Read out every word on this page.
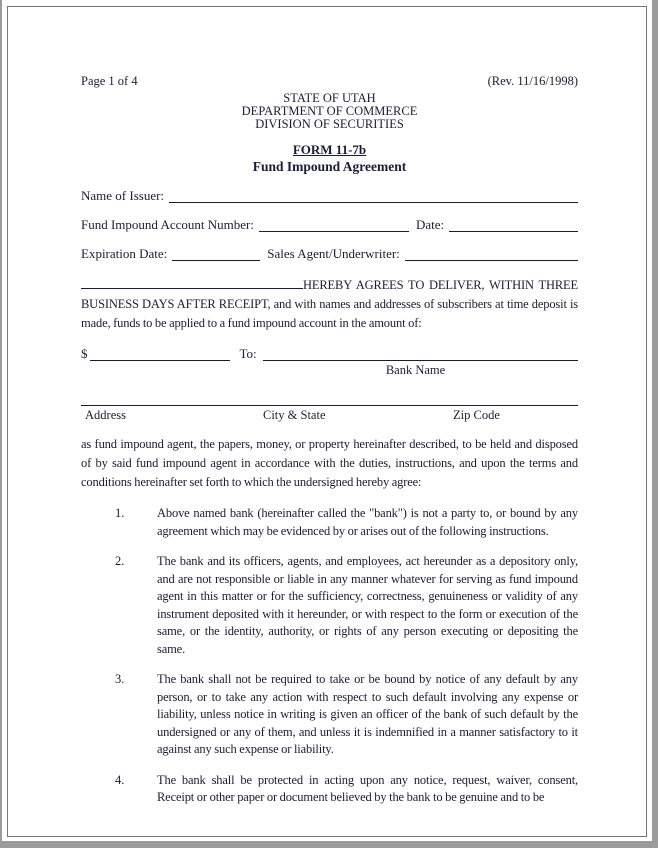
Page 1 of 4	(Rev. 11/16/1998)
STATE OF UTAH
DEPARTMENT OF COMMERCE
DIVISION OF SECURITIES
FORM 11-7b
Fund Impound Agreement
Name of Issuer:
Fund Impound Account Number:	Date:
Expiration Date:	Sales Agent/Underwriter:
HEREBY AGREES TO DELIVER, WITHIN THREE BUSINESS DAYS AFTER RECEIPT, and with names and addresses of subscribers at time deposit is made, funds to be applied to a fund impound account in the amount of:
$	To:
Bank Name
Address	City & State	Zip Code
as fund impound agent, the papers, money, or property hereinafter described, to be held and disposed of by said fund impound agent in accordance with the duties, instructions, and upon the terms and conditions hereinafter set forth to which the undersigned hereby agree:
1.	Above named bank (hereinafter called the "bank") is not a party to, or bound by any agreement which may be evidenced by or arises out of the following instructions.
2.	The bank and its officers, agents, and employees, act hereunder as a depository only, and are not responsible or liable in any manner whatever for serving as fund impound agent in this matter or for the sufficiency, correctness, genuineness or validity of any instrument deposited with it hereunder, or with respect to the form or execution of the same, or the identity, authority, or rights of any person executing or depositing the same.
3.	The bank shall not be required to take or be bound by notice of any default by any person, or to take any action with respect to such default involving any expense or liability, unless notice in writing is given an officer of the bank of such default by the undersigned or any of them, and unless it is indemnified in a manner satisfactory to it against any such expense or liability.
4.	The bank shall be protected in acting upon any notice, request, waiver, consent, Receipt or other paper or document believed by the bank to be genuine and to be
